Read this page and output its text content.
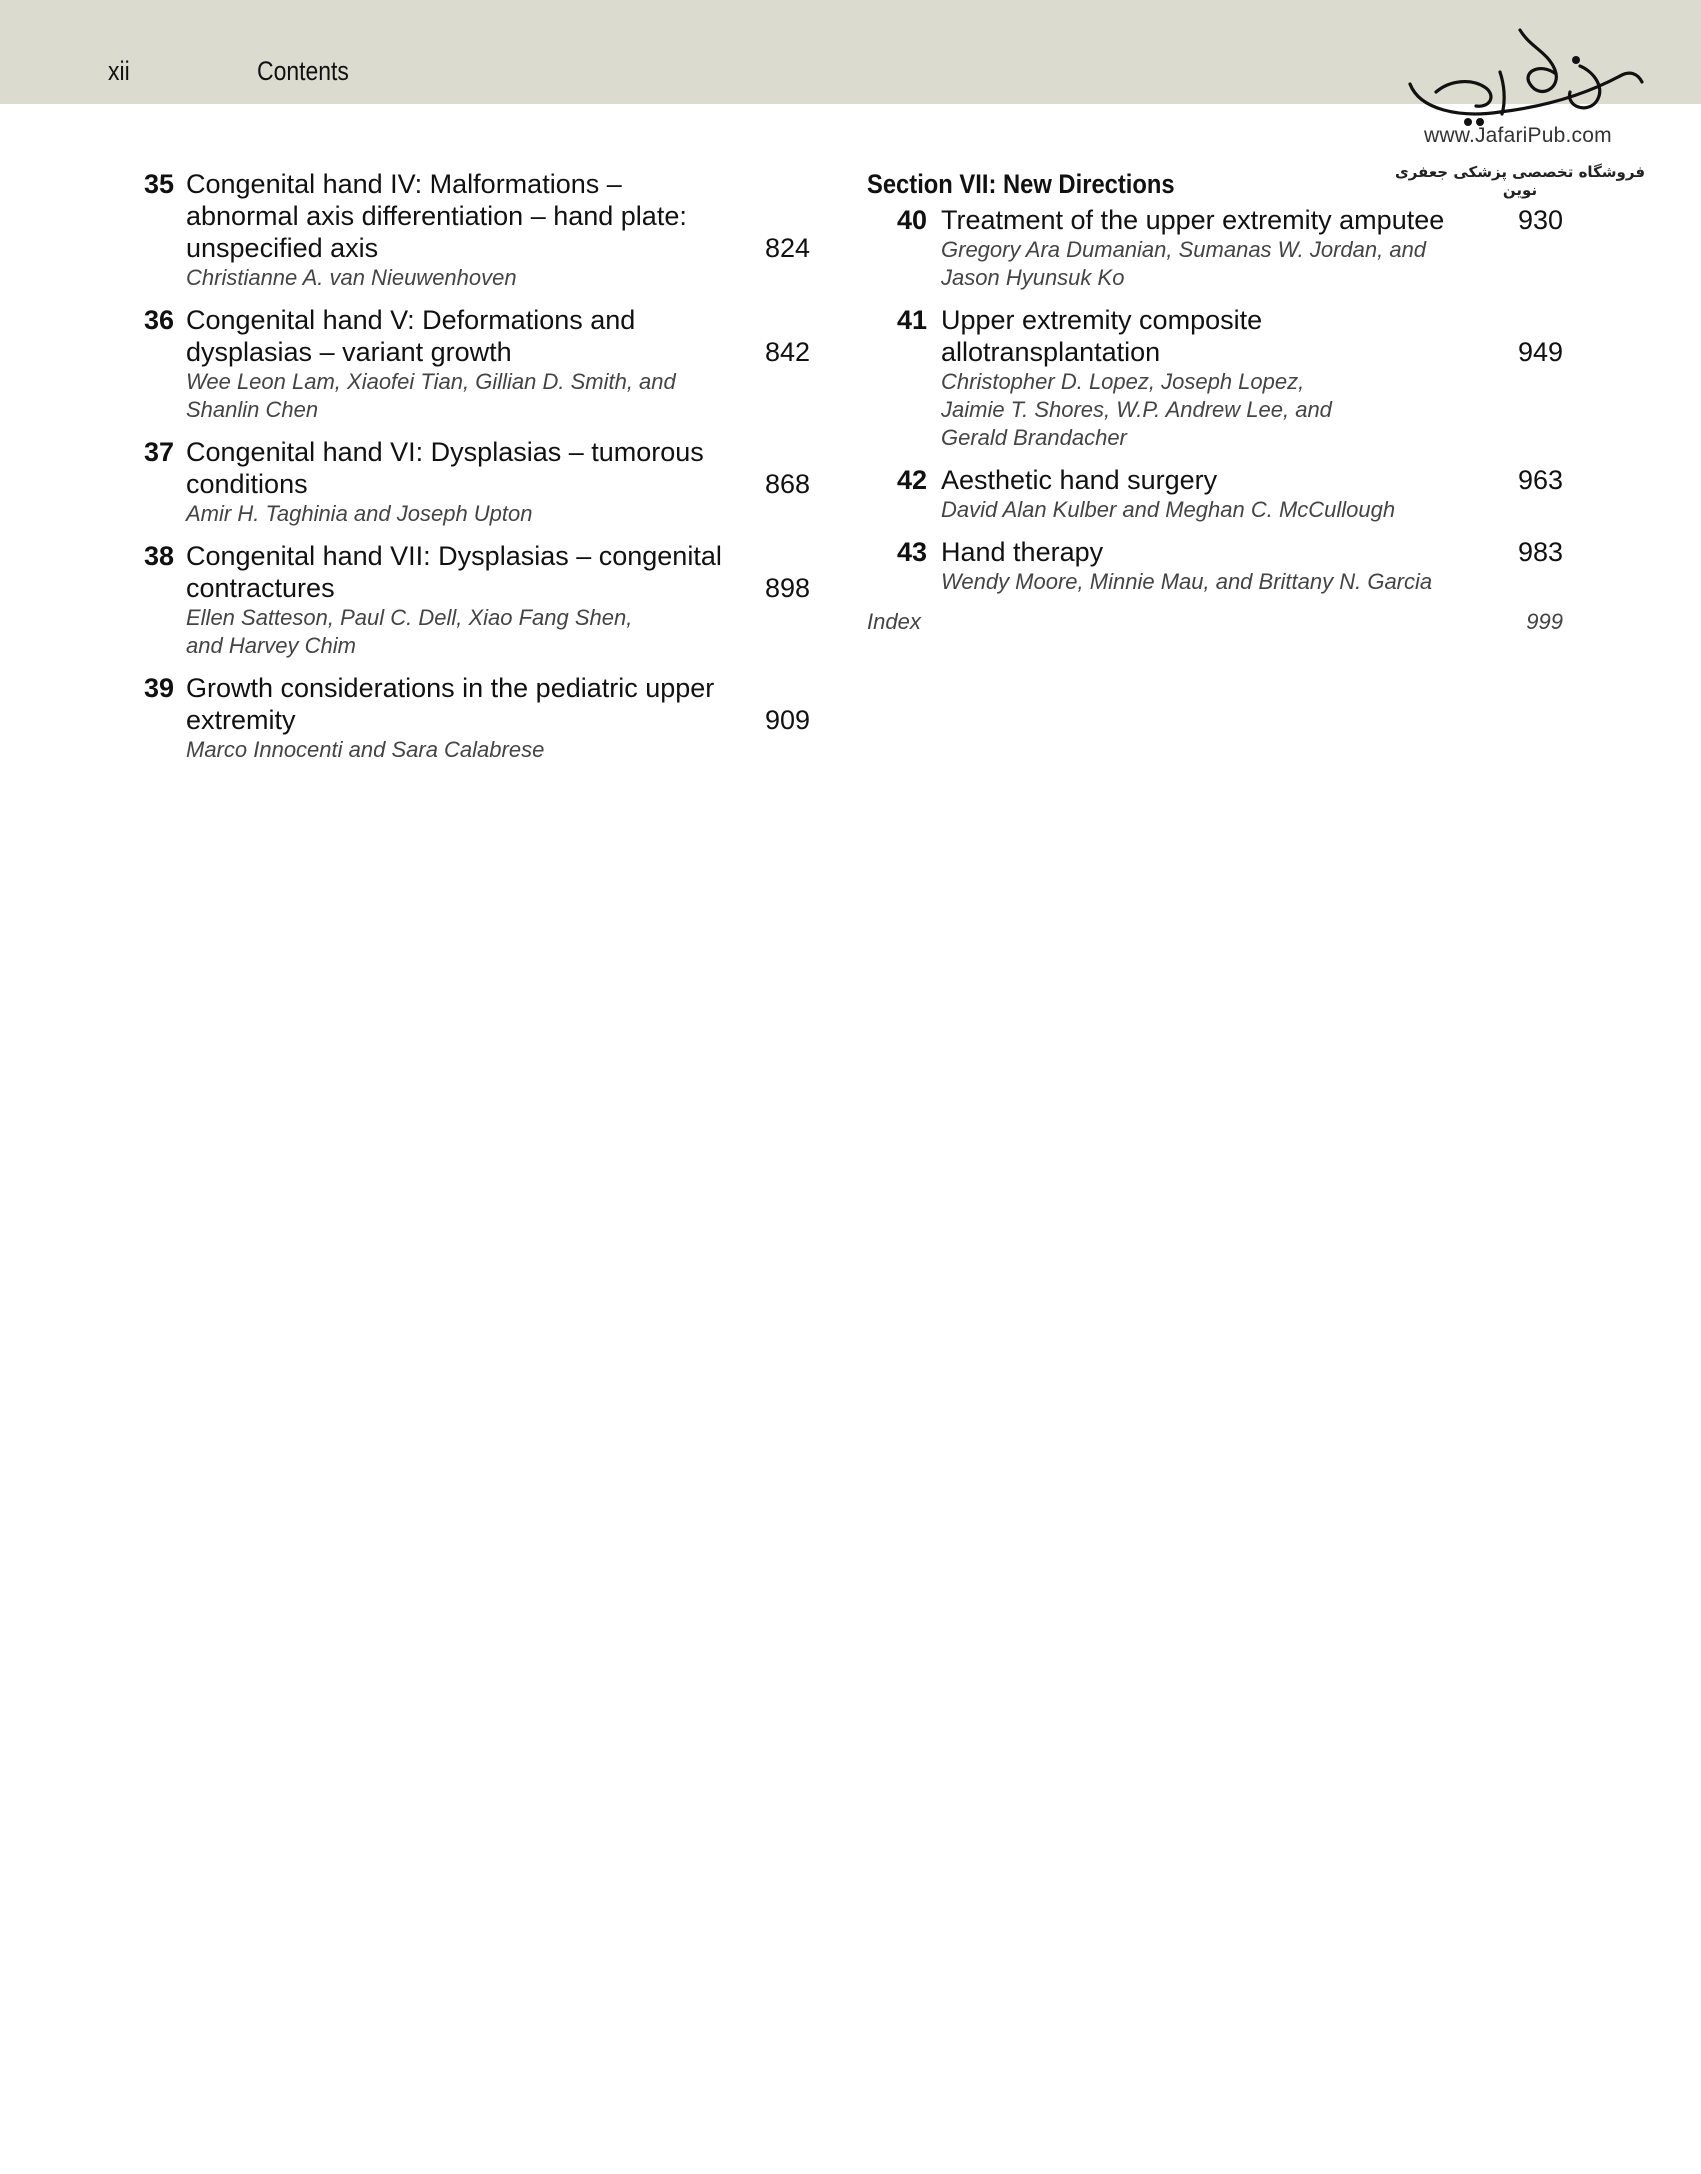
xii	Contents
www.JafariPub.com
فروشگاه تخصصی پزشکی جعفری نوین
35 Congenital hand IV: Malformations –
abnormal axis differentiation – hand plate:
unspecified axis
Christianne A. van Nieuwenhoven
824
36 Congenital hand V: Deformations and
dysplasias – variant growth
Wee Leon Lam, Xiaofei Tian, Gillian D. Smith, and
Shanlin Chen
842
37 Congenital hand VI: Dysplasias – tumorous
conditions
Amir H. Taghinia and Joseph Upton
868
38 Congenital hand VII: Dysplasias – congenital
contractures
Ellen Satteson, Paul C. Dell, Xiao Fang Shen,
and Harvey Chim
898
39 Growth considerations in the pediatric upper
extremity
Marco Innocenti and Sara Calabrese
909
Section VII: New Directions
40 Treatment of the upper extremity amputee
Gregory Ara Dumanian, Sumanas W. Jordan, and
Jason Hyunsuk Ko
930
41 Upper extremity composite
allotransplantation
Christopher D. Lopez, Joseph Lopez,
Jaimie T. Shores, W.P. Andrew Lee, and
Gerald Brandacher
949
42 Aesthetic hand surgery
David Alan Kulber and Meghan C. McCullough
963
43 Hand therapy
Wendy Moore, Minnie Mau, and Brittany N. Garcia
983
Index	999
